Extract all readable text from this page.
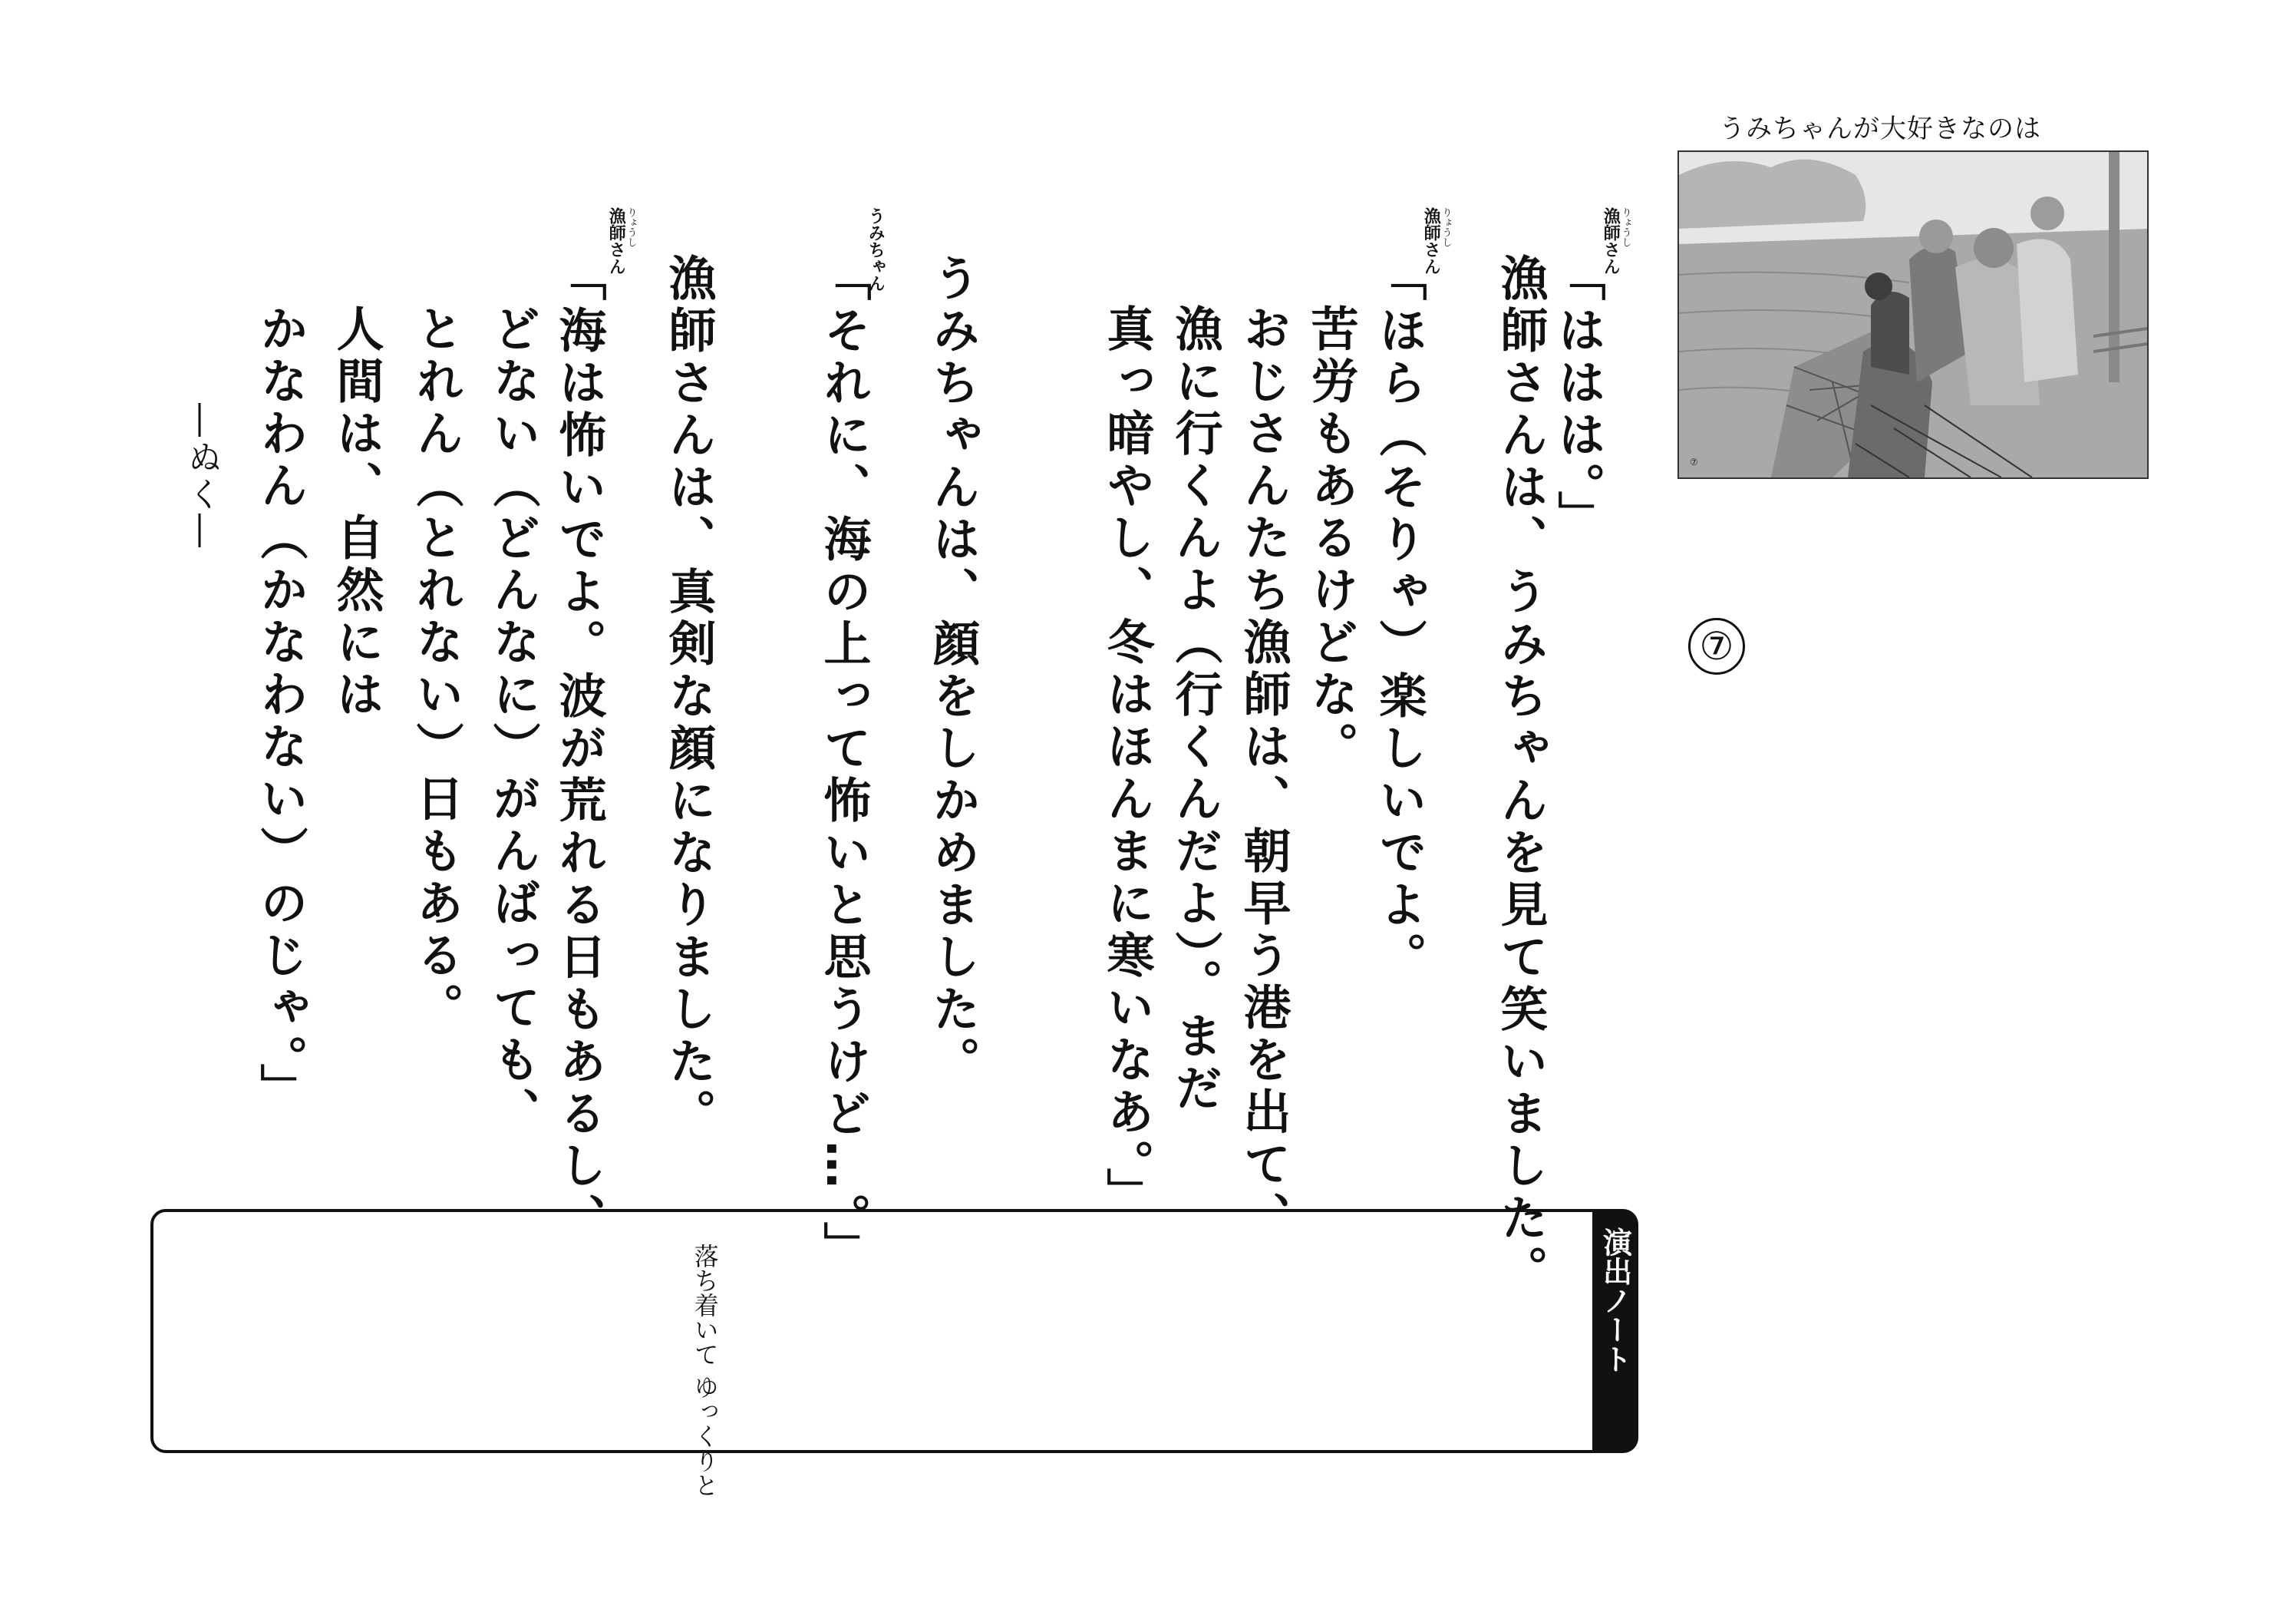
うみちゃんが大好きなのは
⑦
⑦
りょうし
漁師さん
りょうし
漁師さん
うみちゃん
りょうし
漁師さん
「ははは。」
漁師さんは、うみちゃんを見て笑いました。
「ほら（そりゃ）楽しいでよ。
苦労もあるけどな。
おじさんたち漁師は、朝早う港を出て、
漁に行くんよ（行くんだよ）。まだ
真っ暗やし、冬はほんまに寒いなあ。」
うみちゃんは、顔をしかめました。
「それに、海の上って怖いと思うけど…。」
漁師さんは、真剣な顔になりました。
「海は怖いでよ。波が荒れる日もあるし、
どない（どんなに）がんばっても、
とれん（とれない）日もある。
人間は、自然には
かなわん（かなわない）のじゃ。」
―ぬく―
演出ノート
落ち着いて ゆっくりと
